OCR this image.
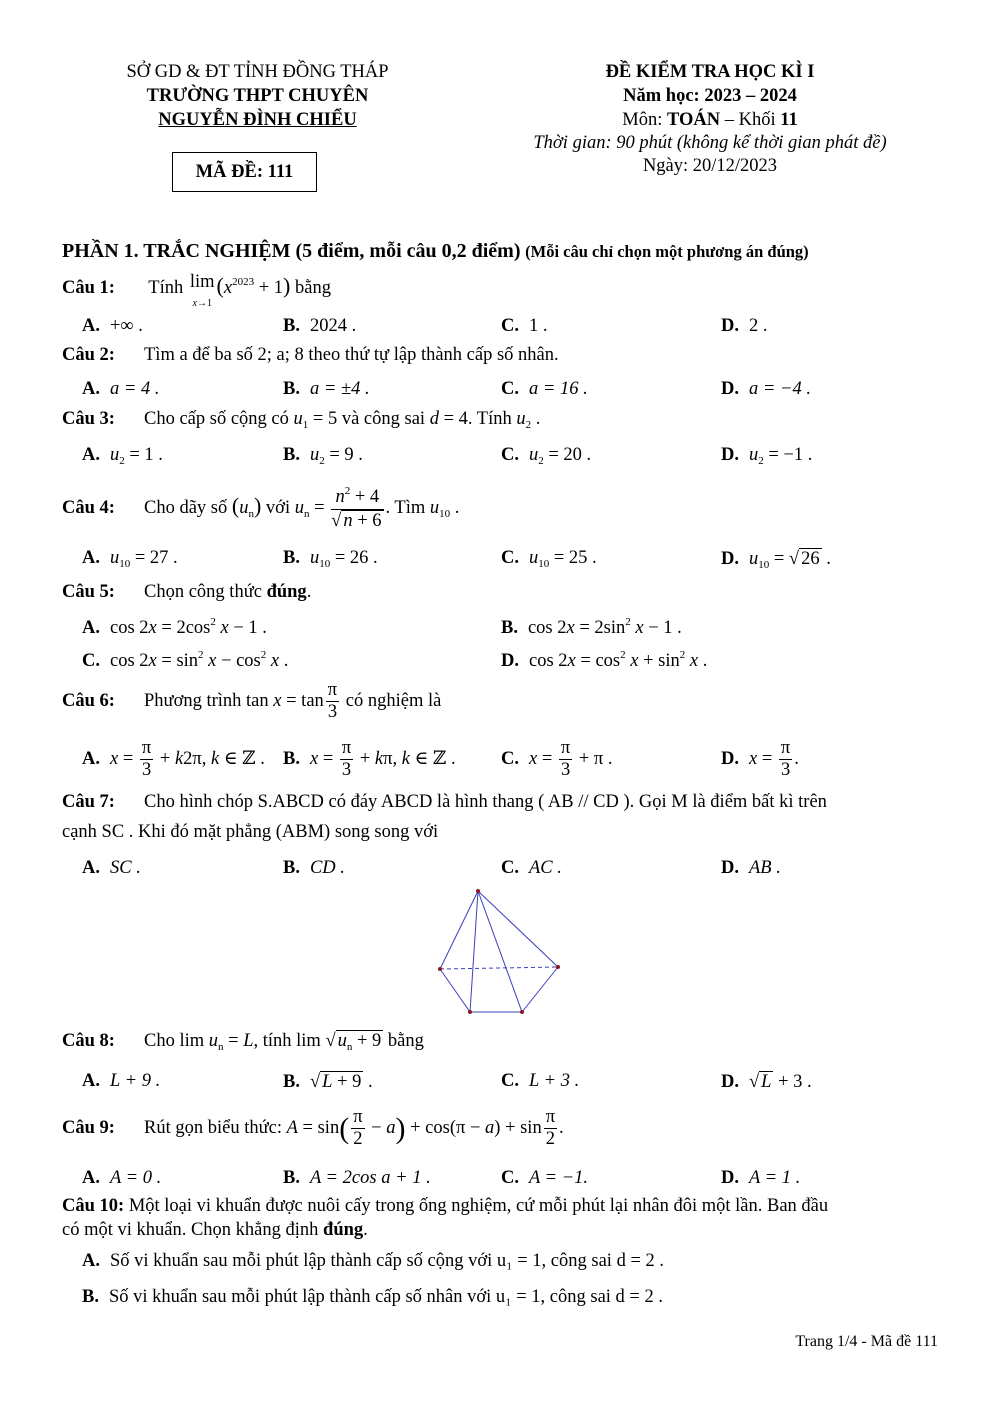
SỞ GD & ĐT TỈNH ĐỒNG THÁP
TRƯỜNG THPT CHUYÊN
NGUYỄN ĐÌNH CHIỂU
MÃ ĐỀ: 111
ĐỀ KIỂM TRA HỌC KÌ I
Năm học: 2023 – 2024
Môn: TOÁN – Khối 11
Thời gian: 90 phút (không kể thời gian phát đề)
Ngày: 20/12/2023
PHẦN 1. TRẮC NGHIỆM (5 điểm, mỗi câu 0,2 điểm) (Mỗi câu chỉ chọn một phương án đúng)
Câu 1: Tính lim
$x\to 1(x^{2023} + 1)$ bằng
A. +∞ .	B. 2024 .	C. 1 .	D. 2 .
Câu 2: Tìm a để ba số 2; a; 8 theo thứ tự lập thành cấp số nhân.
A. a = 4 .	B. a = ±4 .	C. a = 16 .	D. a = −4 .
Câu 3: Cho cấp số cộng có $u_1 = 5$ và công sai d = 4. Tính $u_2$ .
A. $u_2 = 1$ .	B. $u_2 = 9$ .	C. $u_2 = 20$ .	D. $u_2 = -1$ .
Câu 4: Cho dãy số $(u_n)$ với $u_n = \frac{n^2 + 4}{√ n + 6}$ . Tìm $u_{10}$ .
A. $u_{10} = 27$ .	B. $u_{10} = 26$ .	C. $u_{10} = 25$ .	D. $u_{10}$ = √ 26 .
Câu 5: Chọn công thức đúng.
A. $\cos 2x = 2\cos^2$ x − 1 .	B. $\cos 2x = 2\sin^2$ x − 1 .
C. $\cos 2x = \sin^2 x - \cos^2 x$ .	D. $\cos 2x = \cos^2 x + \sin^2 x$ .
Câu 6: Phương trình $\tan x = \tan \frac{\pi}{3}$ có nghiệm là
A. $x = \frac{\pi}{3} + k2\pi$, k ∈ ℤ . B. $x = \frac{\pi}{3} + k\pi$, k ∈ ℤ . C. $x = \frac{\pi}{3} + \pi$ .	D. $x = \frac{\pi}{3}$ .
Câu 7: Cho hình chóp S.ABCD có đáy ABCD là hình thang ( AB // CD ). Gọi M là điểm bất kì trên
cạnh SC . Khi đó mặt phẳng (ABM) song song với
A. SC .	B. CD .	C. AC .	D. AB .
Câu 8: Cho $\lim u_n = L$, tính lim √ $u_n + 9$ bằng
A. L + 9 .	B. √ L + 9 .	C. L + 3 .	D. √ L + 3 .
Câu 9: Rút gọn biểu thức: $A = \sin( \frac{\pi}{2} - a) + \cos(\pi - a) + \sin \frac{\pi}{2}$ .
A. A = 0 .	B. A = 2cos a + 1 .	C. A = −1.	D. A = 1 .
Câu 10: Một loại vi khuẩn được nuôi cấy trong ống nghiệm, cứ mỗi phút lại nhân đôi một lần. Ban đầu
có một vi khuẩn. Chọn khẳng định đúng.
A. Số vi khuẩn sau mỗi phút lập thành cấp số cộng với u₁ = 1, công sai d = 2 .
B. Số vi khuẩn sau mỗi phút lập thành cấp số nhân với u₁ = 1, công sai d = 2 .
Trang 1/4 - Mã đề 111
